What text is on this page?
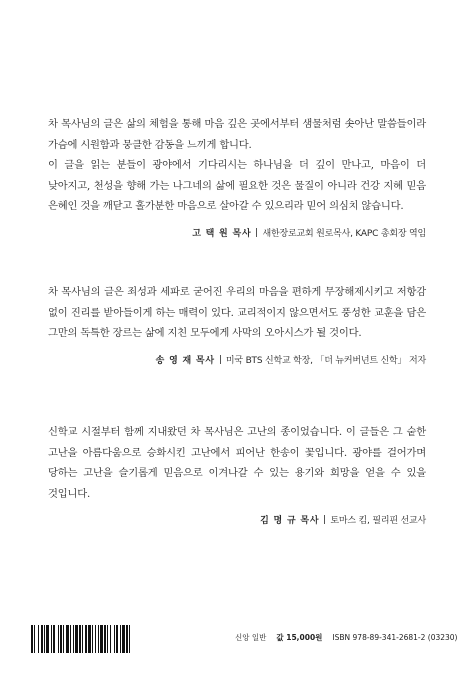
차 목사님의 글은 삶의 체험을 통해 마음 깊은 곳에서부터 샘물처럼 솟아난 말씀들이라 가슴에 시원함과 뭉클한 감동을 느끼게 합니다.

이 글을 읽는 분들이 광야에서 기다리시는 하나님을 더 깊이 만나고, 마음이 더 낮아지고, 천성을 향해 가는 나그네의 삶에 필요한 것은 물질이 아니라 건강 지혜 믿음 은혜인 것을 깨닫고 홀가분한 마음으로 살아갈 수 있으리라 믿어 의심치 않습니다.

고 택 원 목사 새한장로교회 원로목사, KAPC 총회장 역임

차 목사님의 글은 죄성과 세파로 굳어진 우리의 마음을 편하게 무장해제시키고 저항감 없이 진리를 받아들이게 하는 매력이 있다. 교리적이지 않으면서도 풍성한 교훈을 담은 그만의 독특한 장르는 삶에 지친 모두에게 사막의 오아시스가 될 것이다.

송 영 재 목사 미국 BTS 신학교 학장, 「더 뉴커버넌트 신학」 저자

신학교 시절부터 함께 지내왔던 차 목사님은 고난의 종이었습니다. 이 글들은 그 숱한 고난을 아름다움으로 승화시킨 고난에서 피어난 한송이 꽃입니다. 광야를 걸어가며 당하는 고난을 슬기롭게 믿음으로 이겨나갈 수 있는 용기와 희망을 얻을 수 있을 것입니다.

김 명 규 목사 토마스 킴, 필리핀 선교사
신앙 일반 값 15,000원 ISBN 978-89-341-2681-2 (03230)
